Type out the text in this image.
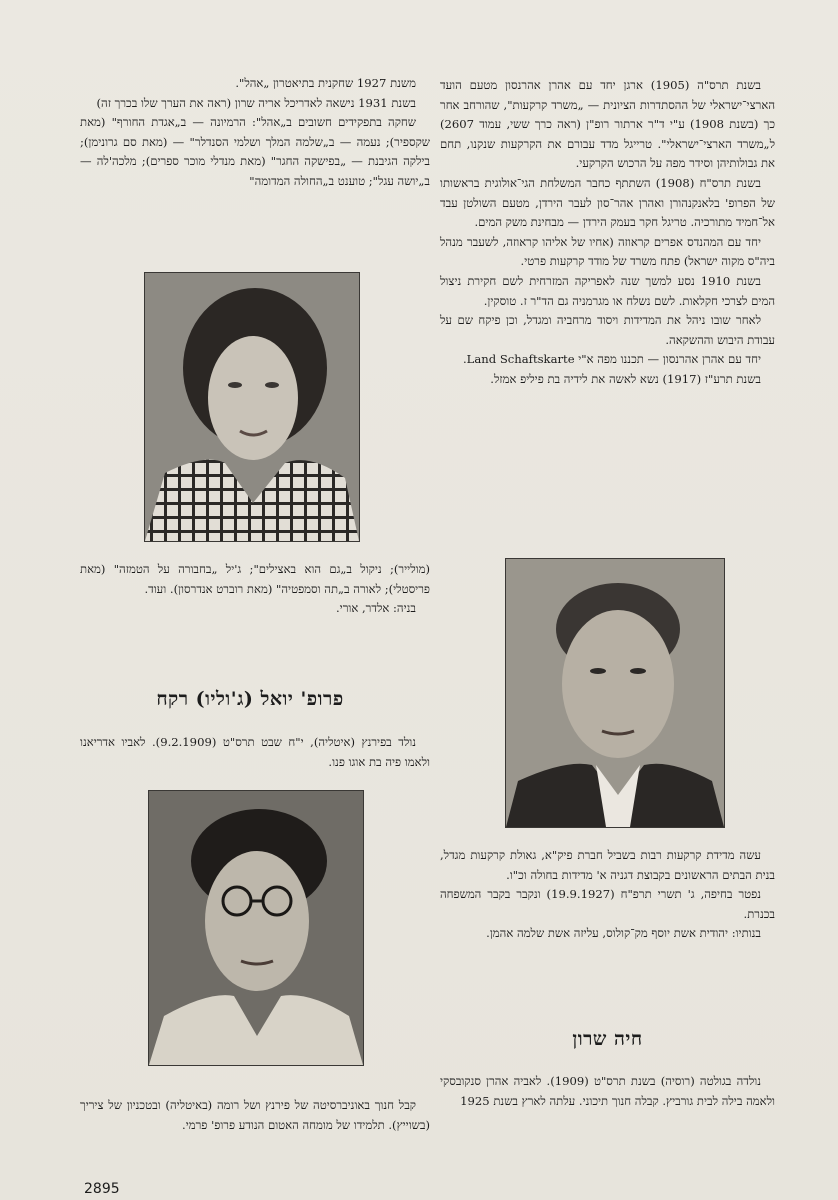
בשנת תרס"ה (1905) ארגן יחד עם אהרן אהרנסון מטעם הועד הארצי־ישראלי של ההסתדרות הציונית — „משרד קרקעות", שהורחב אחר כך (בשנת 1908) ע"י ד"ר ארתור רופ"ן (ראה כרך ששי, עמוד 2607) ל„משרד הארצי־ישראלי". טרייגל מדד עבורם את הקרקעות שנקנו, תחם את גבולותיהן וסידר מפה על הרכוש הקרקעי.

בשנת תרס"ח (1908) השתתף כחבר המשלחת הגי־אולוגית בראשותו של הפרופ' בלאנקנהורן ואהרן אהר־סון לעבר הירדן, מטעם השולטן עבד אל־חמיד מתורכיה. טריגל חקר בעמק הירדן — מבחינת משק המים.

יחד עם המהנדס אפרים קראוזה (אחיו של אליהו קראוזה, לשעבר מנהל ביה"ס מקוה ישראל) פתח משרד של מודד קרקעות פרטי.

בשנת 1910 נסע למשך שנה לאפריקה המזרחית לשם חקירת ניצול המים לצרכי חקלאות. לשם נשלח או מגרמניה גם הד"ר ז. טוסקין.

לאחר שובו ניהל את המדידות ויסוד מרחביה ומגדל, וכן פיקח שם על עבודת היבוש וההשקאה.

יחד עם אהרן אהרנסון — תכננו מפה א"י Land Schaftskarte.

בשנת תרע"ז (1917) נשא לאשה את לידיה בת פיליפ אמזל.

משנת 1927 שחקנית בתיאטרון „אהל".

בשנת 1931 נישאה לאדריכל אריה שרון (ראה את הערך שלו בכרך זה)

שחקה בתפקידים חשובים ב„אהל": הרמיונה — ב„אגדת החורף" (מאת שקספיר); נעמה — ב„שלמה המלך ושלמי הסנדלר" — (מאת סם גרונימן); בילקה הגיבנת — „בפישקה החגר" (מאת מנדלי מוכר ספרים); מלכה'לה — ב„יושה עגל"; טוענט ב„החולה המדומה"

(מולייר); ניקול ב„גם הוא באצילים"; ג'יל „בחבורה על הטמזה" (מאת פריסטלי); לאורה ב„תה וסמפטיה" (מאת רוברט אנדרסון). ועוד.

בניה: אלדר, אורי.

פרופ' יואל (ג'וליו) רקח

נולד בפירנץ (איטליה), י"ח שבט תרס"ט (9.2.1909). לאביו אדריאנו ולאמו פיה בת אוגו פנו.

קבל חנוך באוניברסיטה של פירנץ ושל רומה (באיטליה) ובטכניון של ציריך (בשוייץ). תלמידו של מומחה האטום הנודע פרופ' פרמי.

עשה מדידת קרקעות רבות בשביל חברת פיק"א, גאולת קרקעות מגדל, בנית הבתים הראשונים בקבוצת דגניה א' מדידות בחולה וכ"ו.

נפטר בחיפה, ג' תשרי תרפ"ח (19.9.1927) ונקבר בקבר המשפחה בכנרת.

בנותיו: יהודית אשת יוסף מק־קולוס, עליזה אשת שלמה אהמן.

חיה שרון

נולדה בגולטה (רוסיה) בשנת תרס"ט (1909). לאביה אהרן סנקובסקי ולאמה בילה לבית גורביץ. קבלה חנוך תיכוני. עלתה לארץ בשנת 1925

2895
